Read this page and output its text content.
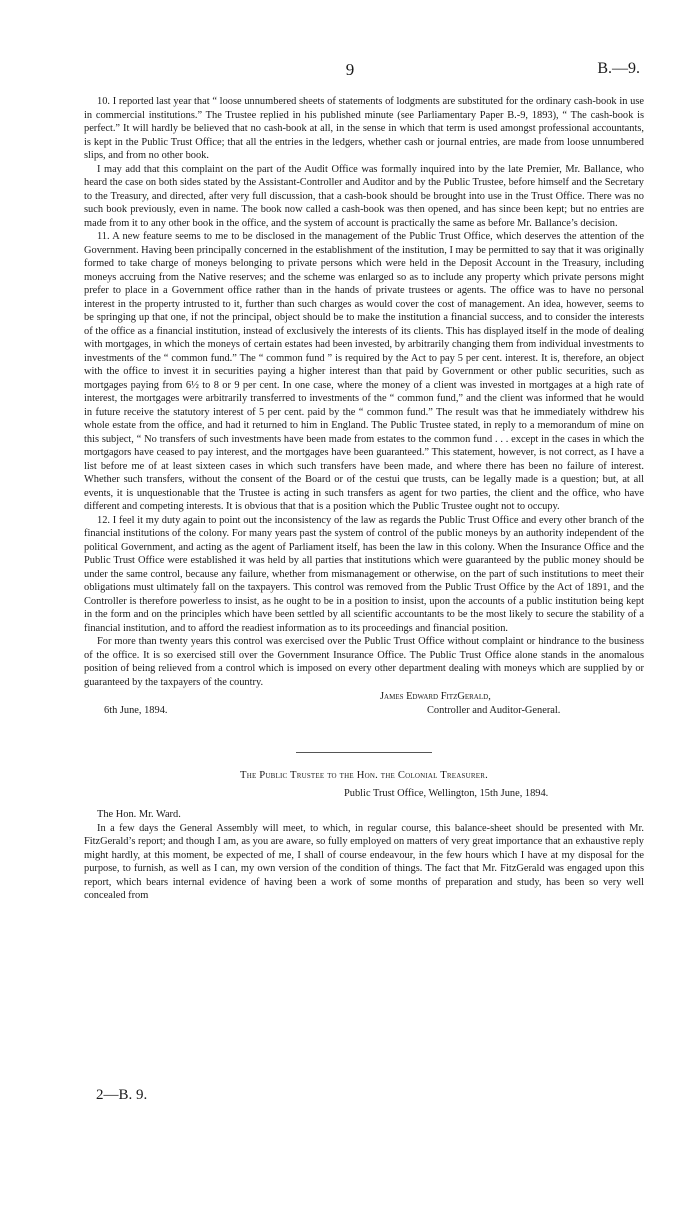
9	B.—9.

10. I reported last year that “ loose unnumbered sheets of statements of lodgments are substituted for the ordinary cash-book in use in commercial institutions.” The Trustee replied in his published minute (see Parliamentary Paper B.-9, 1893), “ The cash-book is perfect.” It will hardly be believed that no cash-book at all, in the sense in which that term is used amongst professional accountants, is kept in the Public Trust Office; that all the entries in the ledgers, whether cash or journal entries, are made from loose unnumbered slips, and from no other book.

I may add that this complaint on the part of the Audit Office was formally inquired into by the late Premier, Mr. Ballance, who heard the case on both sides stated by the Assistant-Controller and Auditor and by the Public Trustee, before himself and the Secretary to the Treasury, and directed, after very full discussion, that a cash-book should be brought into use in the Trust Office. There was no such book previously, even in name. The book now called a cash-book was then opened, and has since been kept; but no entries are made from it to any other book in the office, and the system of account is practically the same as before Mr. Ballance’s decision.

11. A new feature seems to me to be disclosed in the management of the Public Trust Office, which deserves the attention of the Government. Having been principally concerned in the establishment of the institution, I may be permitted to say that it was originally formed to take charge of moneys belonging to private persons which were held in the Deposit Account in the Treasury, including moneys accruing from the Native reserves; and the scheme was enlarged so as to include any property which private persons might prefer to place in a Government office rather than in the hands of private trustees or agents. The office was to have no personal interest in the property intrusted to it, further than such charges as would cover the cost of management. An idea, however, seems to be springing up that one, if not the principal, object should be to make the institution a financial success, and to consider the interests of the office as a financial institution, instead of exclusively the interests of its clients. This has displayed itself in the mode of dealing with mortgages, in which the moneys of certain estates had been invested, by arbitrarily changing them from individual investments to investments of the “ common fund.” The “ common fund ” is required by the Act to pay 5 per cent. interest. It is, therefore, an object with the office to invest it in securities paying a higher interest than that paid by Government or other public securities, such as mortgages paying from 6½ to 8 or 9 per cent. In one case, where the money of a client was invested in mortgages at a high rate of interest, the mortgages were arbitrarily transferred to investments of the “ common fund,” and the client was informed that he would in future receive the statutory interest of 5 per cent. paid by the “ common fund.” The result was that he immediately withdrew his whole estate from the office, and had it returned to him in England. The Public Trustee stated, in reply to a memorandum of mine on this subject, “ No transfers of such investments have been made from estates to the common fund . . . except in the cases in which the mortgagors have ceased to pay interest, and the mortgages have been guaranteed.” This statement, however, is not correct, as I have a list before me of at least sixteen cases in which such transfers have been made, and where there has been no failure of interest. Whether such transfers, without the consent of the Board or of the cestui que trusts, can be legally made is a question; but, at all events, it is unquestionable that the Trustee is acting in such transfers as agent for two parties, the client and the office, who have different and competing interests. It is obvious that that is a position which the Public Trustee ought not to occupy.

12. I feel it my duty again to point out the inconsistency of the law as regards the Public Trust Office and every other branch of the financial institutions of the colony. For many years past the system of control of the public moneys by an authority independent of the political Government, and acting as the agent of Parliament itself, has been the law in this colony. When the Insurance Office and the Public Trust Office were established it was held by all parties that institutions which were guaranteed by the public money should be under the same control, because any failure, whether from mismanagement or otherwise, on the part of such institutions to meet their obligations must ultimately fall on the taxpayers. This control was removed from the Public Trust Office by the Act of 1891, and the Controller is therefore powerless to insist, as he ought to be in a position to insist, upon the accounts of a public institution being kept in the form and on the principles which have been settled by all scientific accountants to be the most likely to secure the stability of a financial institution, and to afford the readiest information as to its proceedings and financial position.

For more than twenty years this control was exercised over the Public Trust Office without complaint or hindrance to the business of the office. It is so exercised still over the Government Insurance Office. The Public Trust Office alone stands in the anomalous position of being relieved from a control which is imposed on every other department dealing with moneys which are supplied by or guaranteed by the taxpayers of the country.

James Edward FitzGerald,
6th June, 1894.	Controller and Auditor-General.
The Public Trustee to the Hon. the Colonial Treasurer.
Public Trust Office, Wellington, 15th June, 1894.
The Hon. Mr. Ward.

In a few days the General Assembly will meet, to which, in regular course, this balance-sheet should be presented with Mr. FitzGerald’s report; and though I am, as you are aware, so fully employed on matters of very great importance that an exhaustive reply might hardly, at this moment, be expected of me, I shall of course endeavour, in the few hours which I have at my disposal for the purpose, to furnish, as well as I can, my own version of the condition of things. The fact that Mr. FitzGerald was engaged upon this report, which bears internal evidence of having been a work of some months of preparation and study, has been so very well concealed from

2—B. 9.
